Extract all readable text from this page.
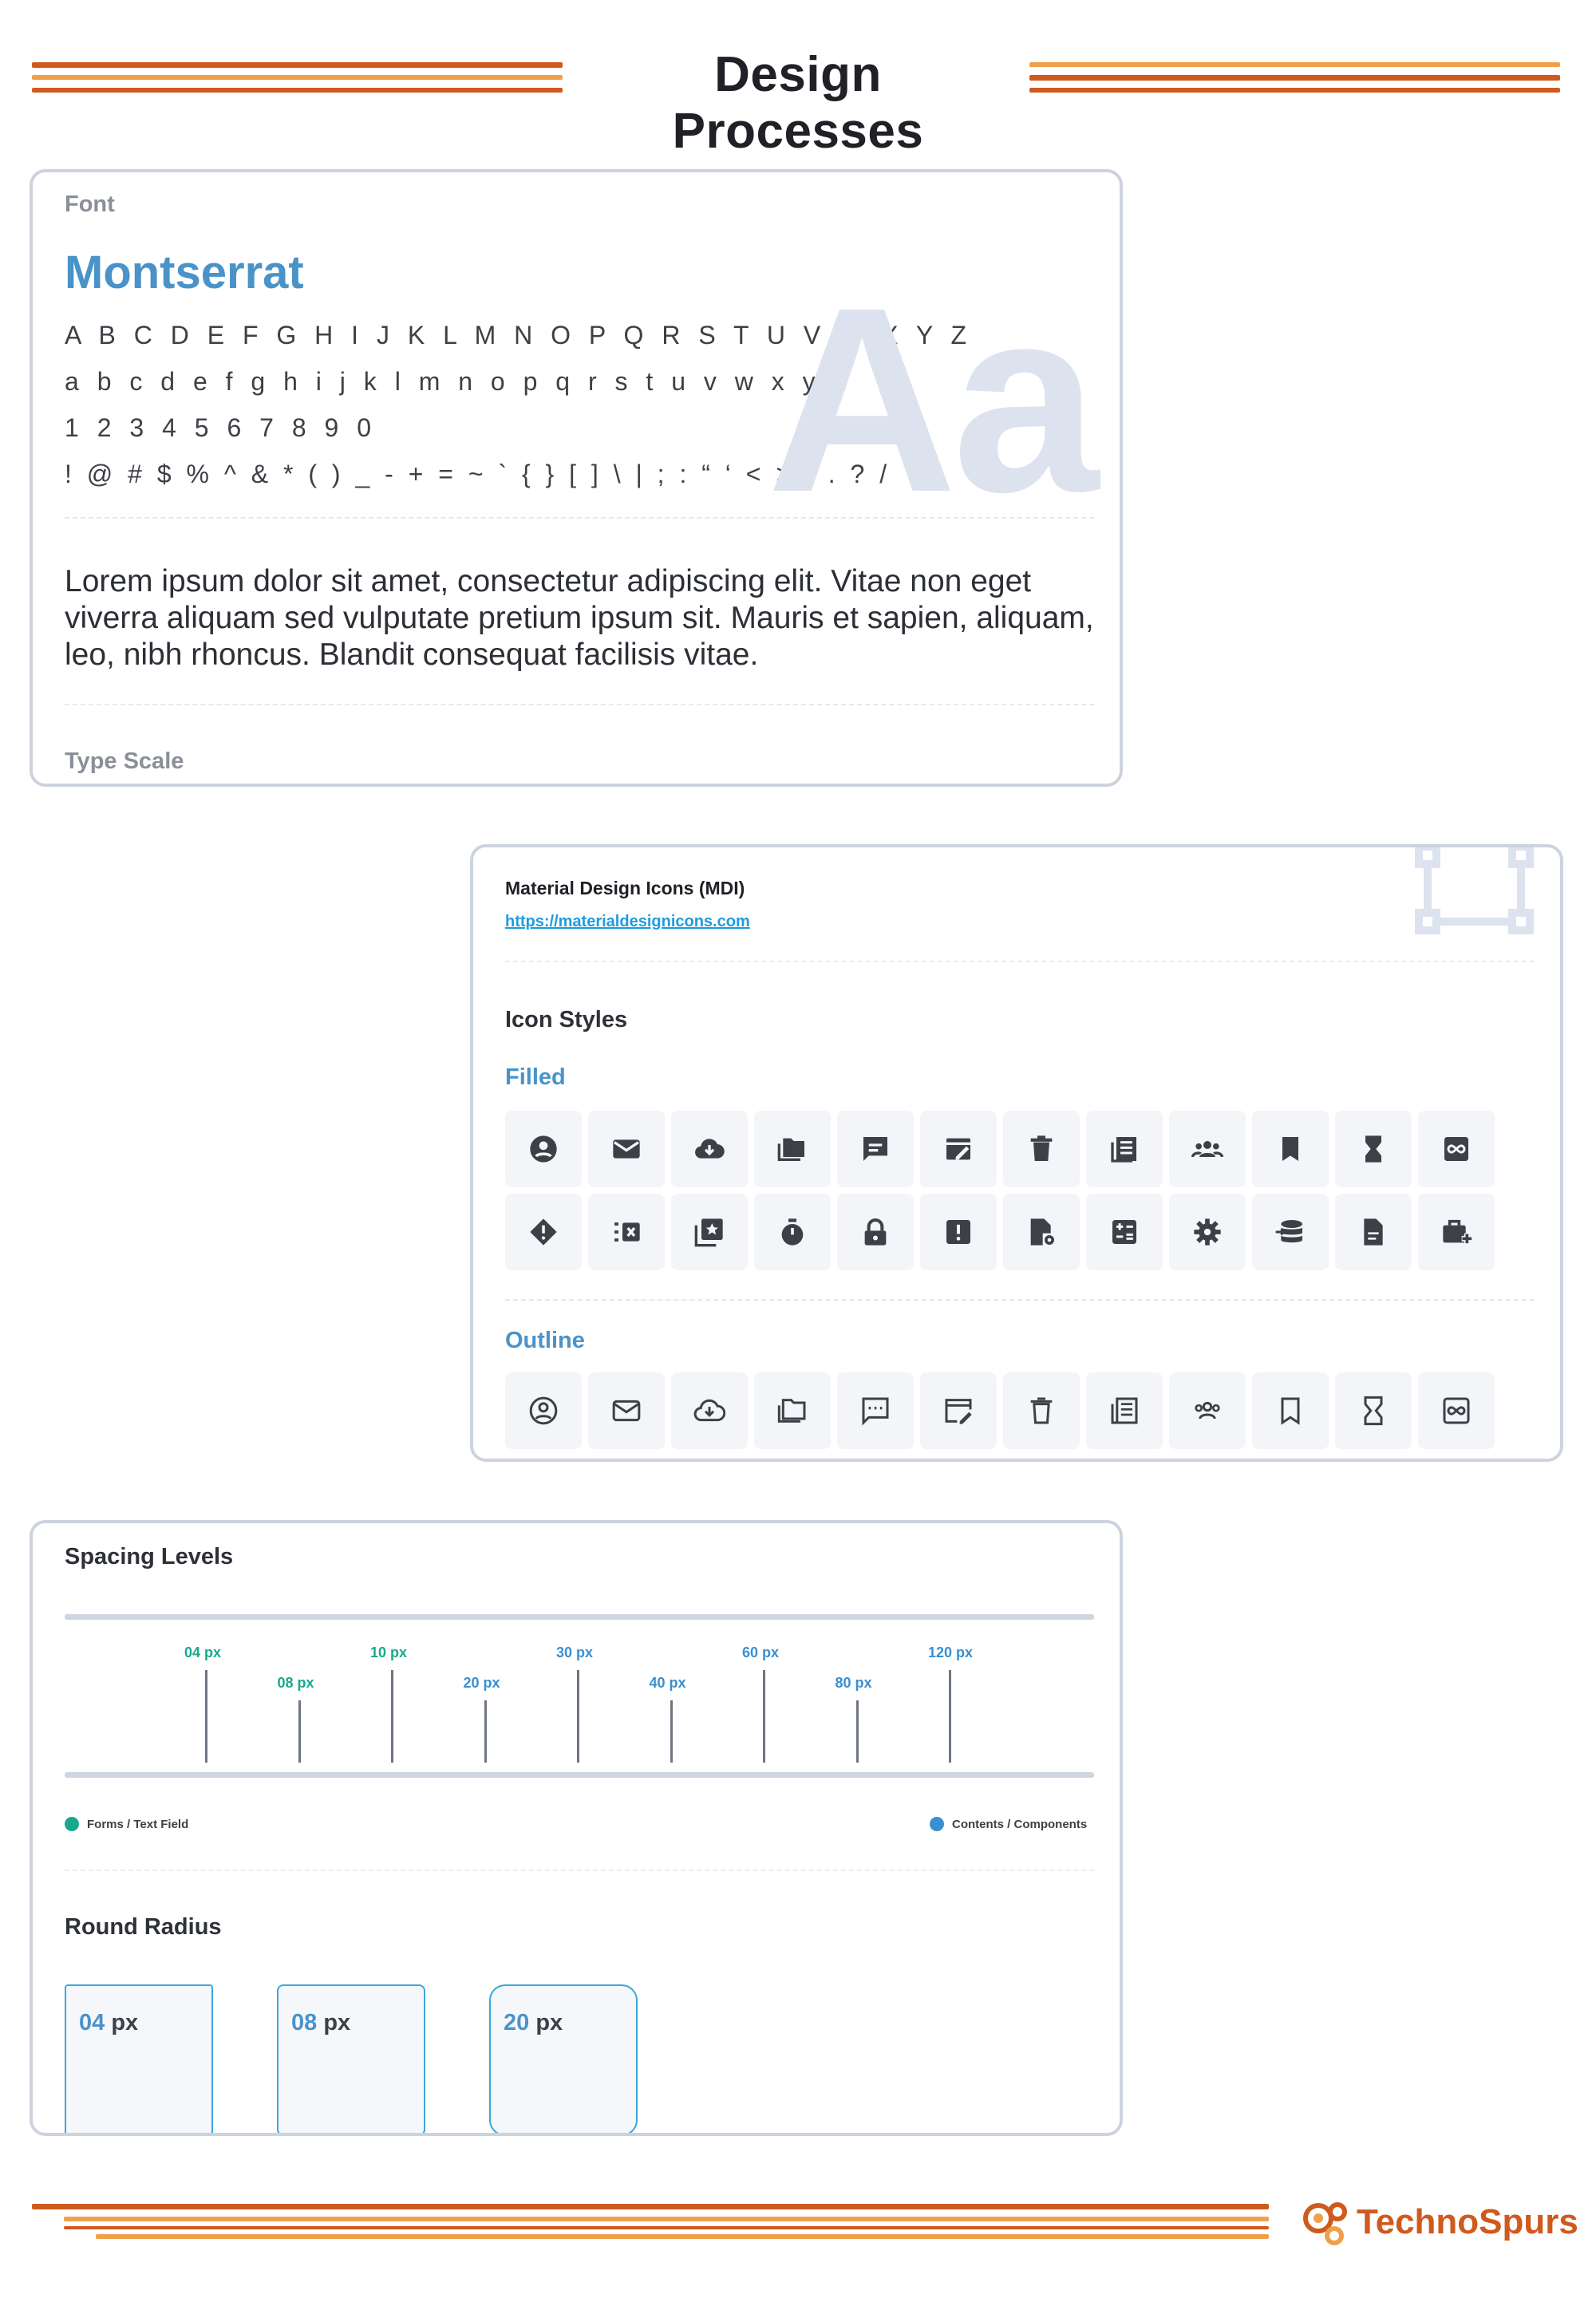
Design Processes
Font
Montserrat
A B C D E F G H I J K L M N O P Q R S T U V W X Y Z
a b c d e f g h i j k l m n o p q r s t u v w x y z
1 2 3 4 5 6 7 8 9 0
! @ # $ % ^ & * ( ) _ - + = ~ ` { } [ ] \ | ; : “ ‘ < > , . ? /
Aa
Lorem ipsum dolor sit amet, consectetur adipiscing elit. Vitae non eget viverra aliquam sed vulputate pretium ipsum sit. Mauris et sapien, aliquam, leo, nibh rhoncus. Blandit consequat facilisis vitae.
Type Scale
Material Design Icons (MDI)
https://materialdesignicons.com
Icon Styles
Filled
Outline
Spacing Levels
04 px
08 px
10 px
20 px
30 px
40 px
60 px
80 px
120 px
Forms / Text Field	Contents / Components
Round Radius
04 px	08 px	20 px
TechnoSpurs
